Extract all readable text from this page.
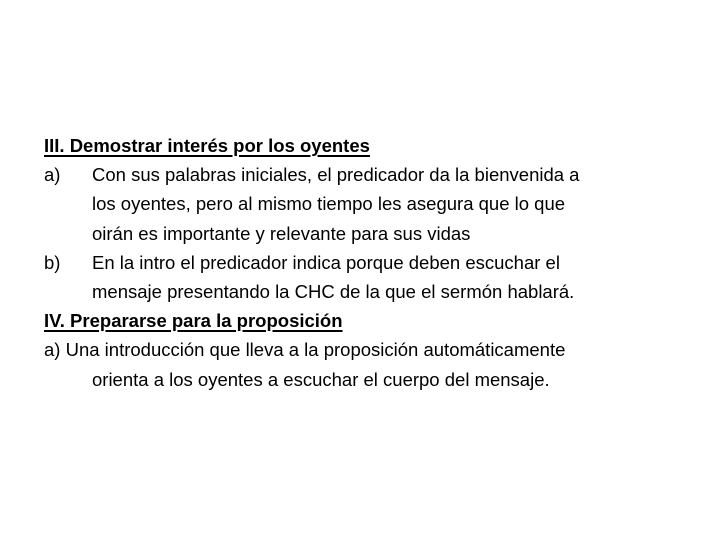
III. Demostrar interés por los oyentes
a)	Con sus palabras iniciales, el predicador da la bienvenida a
los oyentes, pero al mismo tiempo les asegura que lo que
oirán es importante y relevante para sus vidas
b)	En la intro el predicador indica porque deben escuchar el
mensaje presentando la CHC de la que el sermón hablará.
IV. Prepararse para la proposición
a) Una introducción que lleva a la proposición automáticamente
orienta a los oyentes a escuchar el cuerpo del mensaje.
